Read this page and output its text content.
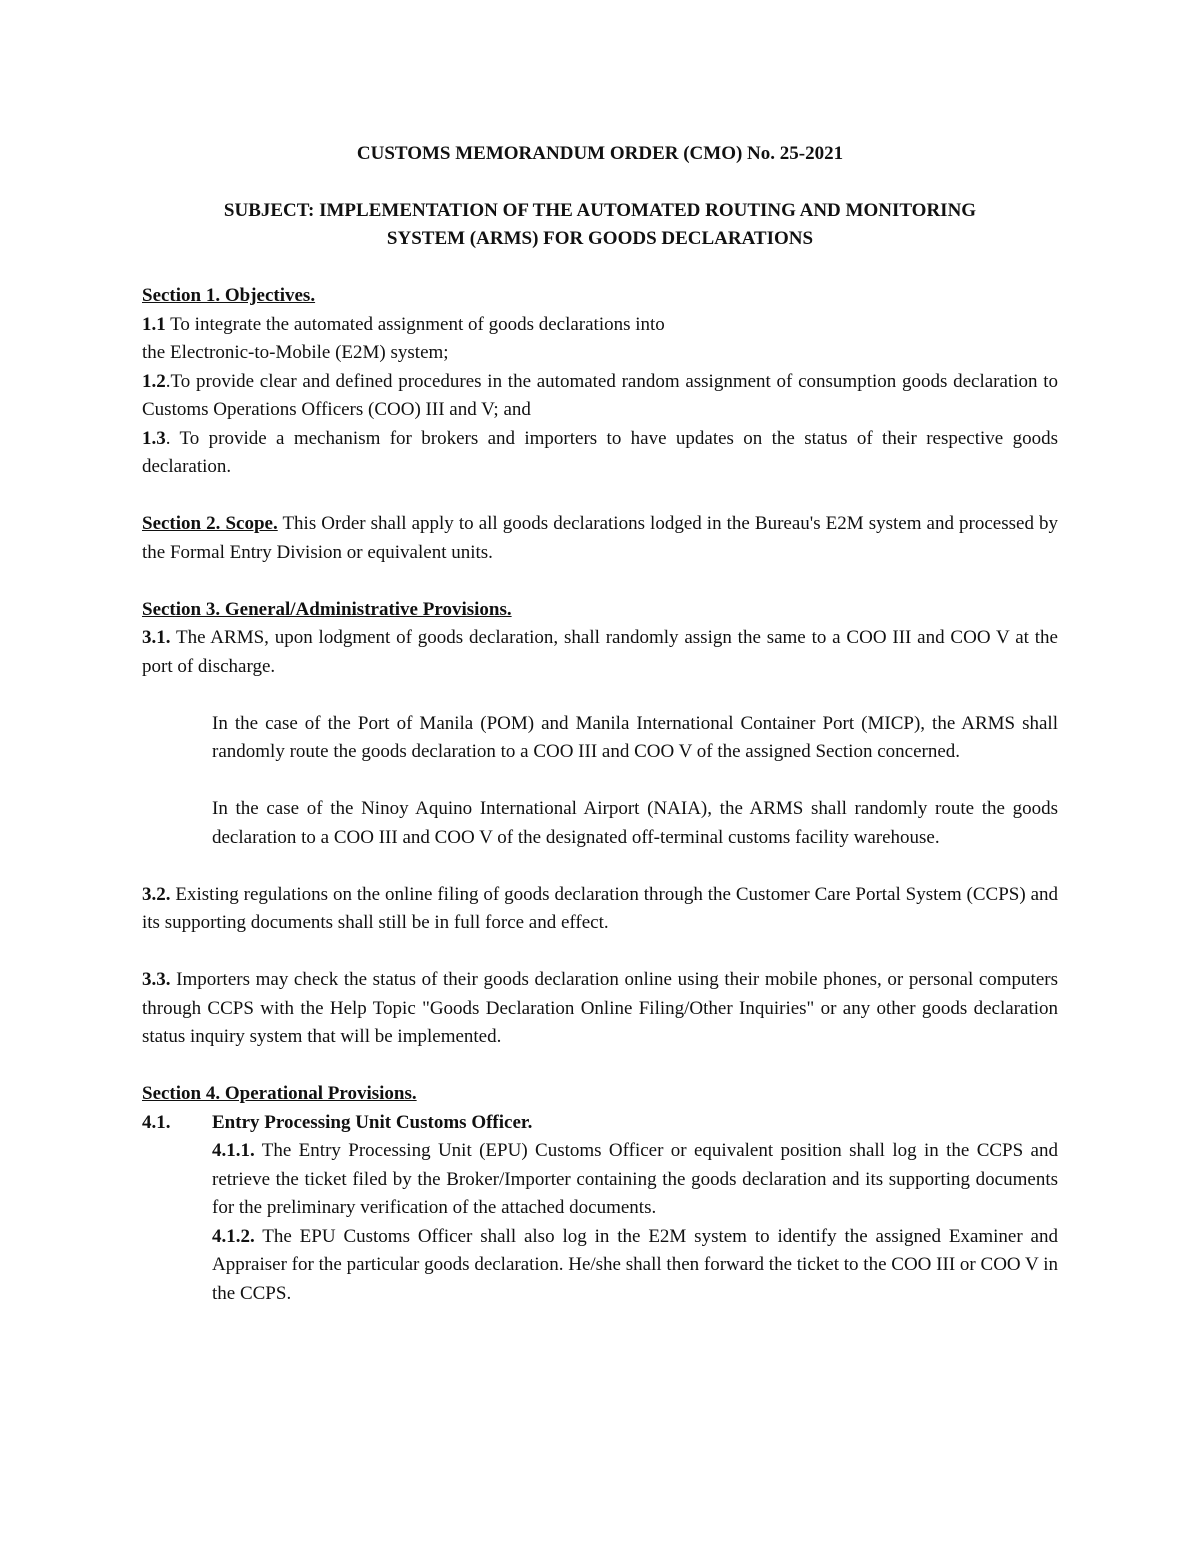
CUSTOMS MEMORANDUM ORDER (CMO) No. 25-2021

SUBJECT: IMPLEMENTATION OF THE AUTOMATED ROUTING AND MONITORING

SYSTEM (ARMS) FOR GOODS DECLARATIONS

Section 1. Objectives.

1.1 To integrate the automated assignment of goods declarations into

the Electronic-to-Mobile (E2M) system;

1.2.To provide clear and defined procedures in the automated random assignment of consumption goods declaration to Customs Operations Officers (COO) III and V; and

1.3. To provide a mechanism for brokers and importers to have updates on the status of their respective goods declaration.

Section 2. Scope. This Order shall apply to all goods declarations lodged in the Bureau's E2M system and processed by the Formal Entry Division or equivalent units.

Section 3. General/Administrative Provisions.

3.1. The ARMS, upon lodgment of goods declaration, shall randomly assign the same to a COO III and COO V at the port of discharge.

In the case of the Port of Manila (POM) and Manila International Container Port (MICP), the ARMS shall randomly route the goods declaration to a COO III and COO V of the assigned Section concerned.

In the case of the Ninoy Aquino International Airport (NAIA), the ARMS shall randomly route the goods declaration to a COO III and COO V of the designated off-terminal customs facility warehouse.

3.2. Existing regulations on the online filing of goods declaration through the Customer Care Portal System (CCPS) and its supporting documents shall still be in full force and effect.

3.3. Importers may check the status of their goods declaration online using their mobile phones, or personal computers through CCPS with the Help Topic "Goods Declaration Online Filing/Other Inquiries" or any other goods declaration status inquiry system that will be implemented.

Section 4. Operational Provisions.

4.1.	Entry Processing Unit Customs Officer.

4.1.1. The Entry Processing Unit (EPU) Customs Officer or equivalent position shall log in the CCPS and retrieve the ticket filed by the Broker/Importer containing the goods declaration and its supporting documents for the preliminary verification of the attached documents.

4.1.2. The EPU Customs Officer shall also log in the E2M system to identify the assigned Examiner and Appraiser for the particular goods declaration. He/she shall then forward the ticket to the COO III or COO V in the CCPS.
